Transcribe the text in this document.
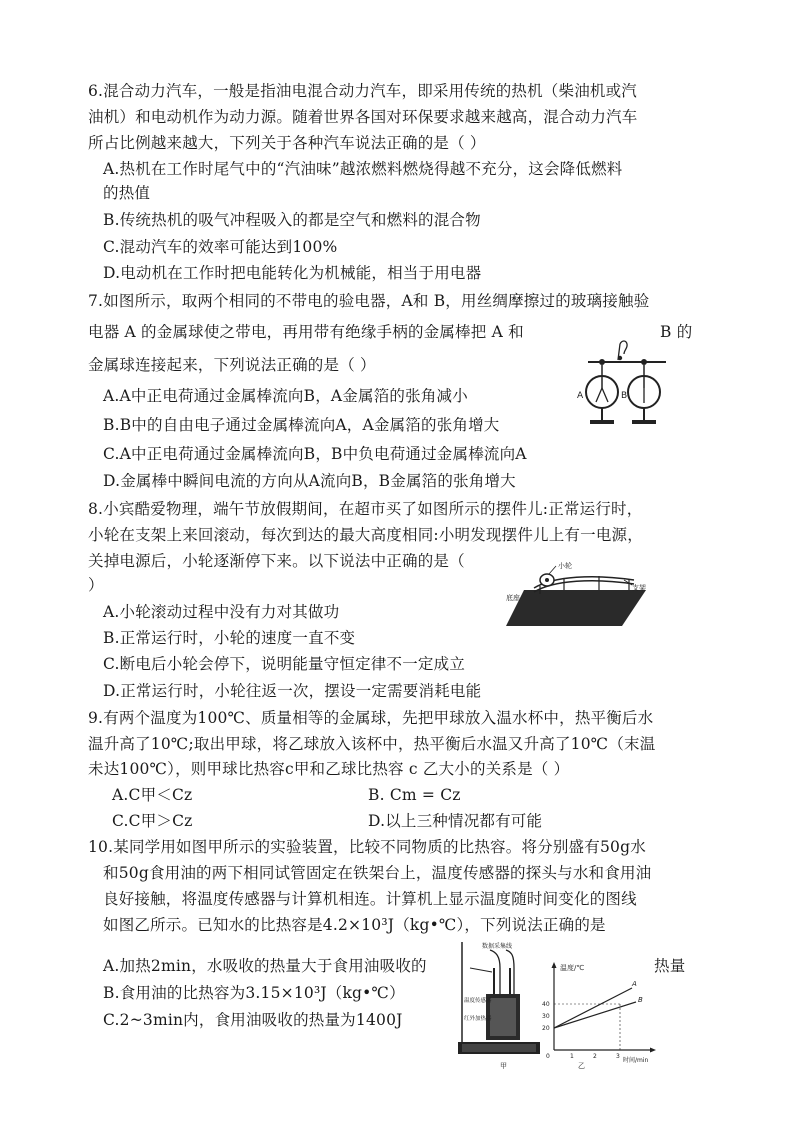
6.混合动力汽车，一般是指油电混合动力汽车，即采用传统的热机（柴油机或汽
油机）和电动机作为动力源。随着世界各国对环保要求越来越高，混合动力汽车
所占比例越来越大，下列关于各种汽车说法正确的是（ ）
A.热机在工作时尾气中的“汽油味”越浓燃料燃烧得越不充分，这会降低燃料
的热值
B.传统热机的吸气冲程吸入的都是空气和燃料的混合物
C.混动汽车的效率可能达到100%
D.电动机在工作时把电能转化为机械能，相当于用电器
7.如图所示，取两个相同的不带电的验电器，A和 B，用丝绸摩擦过的玻璃接触验
电器 A 的金属球使之带电，再用带有绝缘手柄的金属棒把 A 和	B 的
金属球连接起来，下列说法正确的是（ ）
A.A中正电荷通过金属棒流向B，A金属箔的张角减小
B.B中的自由电子通过金属棒流向A，A金属箔的张角增大
C.A中正电荷通过金属棒流向B，B中负电荷通过金属棒流向A
D.金属棒中瞬间电流的方向从A流向B，B金属箔的张角增大
A	B
8.小宾酷爱物理，端午节放假期间，在超市买了如图所示的摆件儿:正常运行时，
小轮在支架上来回滚动，每次到达的最大高度相同:小明发现摆件儿上有一电源，
关掉电源后，小轮逐渐停下来。以下说法中正确的是（
）
A.小轮滚动过程中没有力对其做功
B.正常运行时，小轮的速度一直不变
C.断电后小轮会停下，说明能量守恒定律不一定成立
D.正常运行时，小轮往返一次，摆设一定需要消耗电能
小轮
支架
底座
9.有两个温度为100℃、质量相等的金属球，先把甲球放入温水杯中，热平衡后水
温升高了10℃;取出甲球，将乙球放入该杯中，热平衡后水温又升高了10℃（末温
未达100℃），则甲球比热容c甲和乙球比热容 c 乙大小的关系是（ ）
A.C甲＜Cz	B. Cm = Cz
C.C甲＞Cz	D.以上三种情况都有可能
10.某同学用如图甲所示的实验装置，比较不同物质的比热容。将分别盛有50g水
和50g食用油的两下相同试管固定在铁架台上，温度传感器的探头与水和食用油
良好接触，将温度传感器与计算机相连。计算机上显示温度随时间变化的图线
如图乙所示。已知水的比热容是4.2×10³J（kg•℃），下列说法正确的是
A.加热2min，水吸收的热量大于食用油吸收的	热量
B.食用油的比热容为3.15×10³J（kg•℃）
C.2~3min内，食用油吸收的热量为1400J
数据采集线
温度传感器
红外加热器
甲
温度/℃
时间/min
0	1	2	3
20
30
40
A
B
乙
